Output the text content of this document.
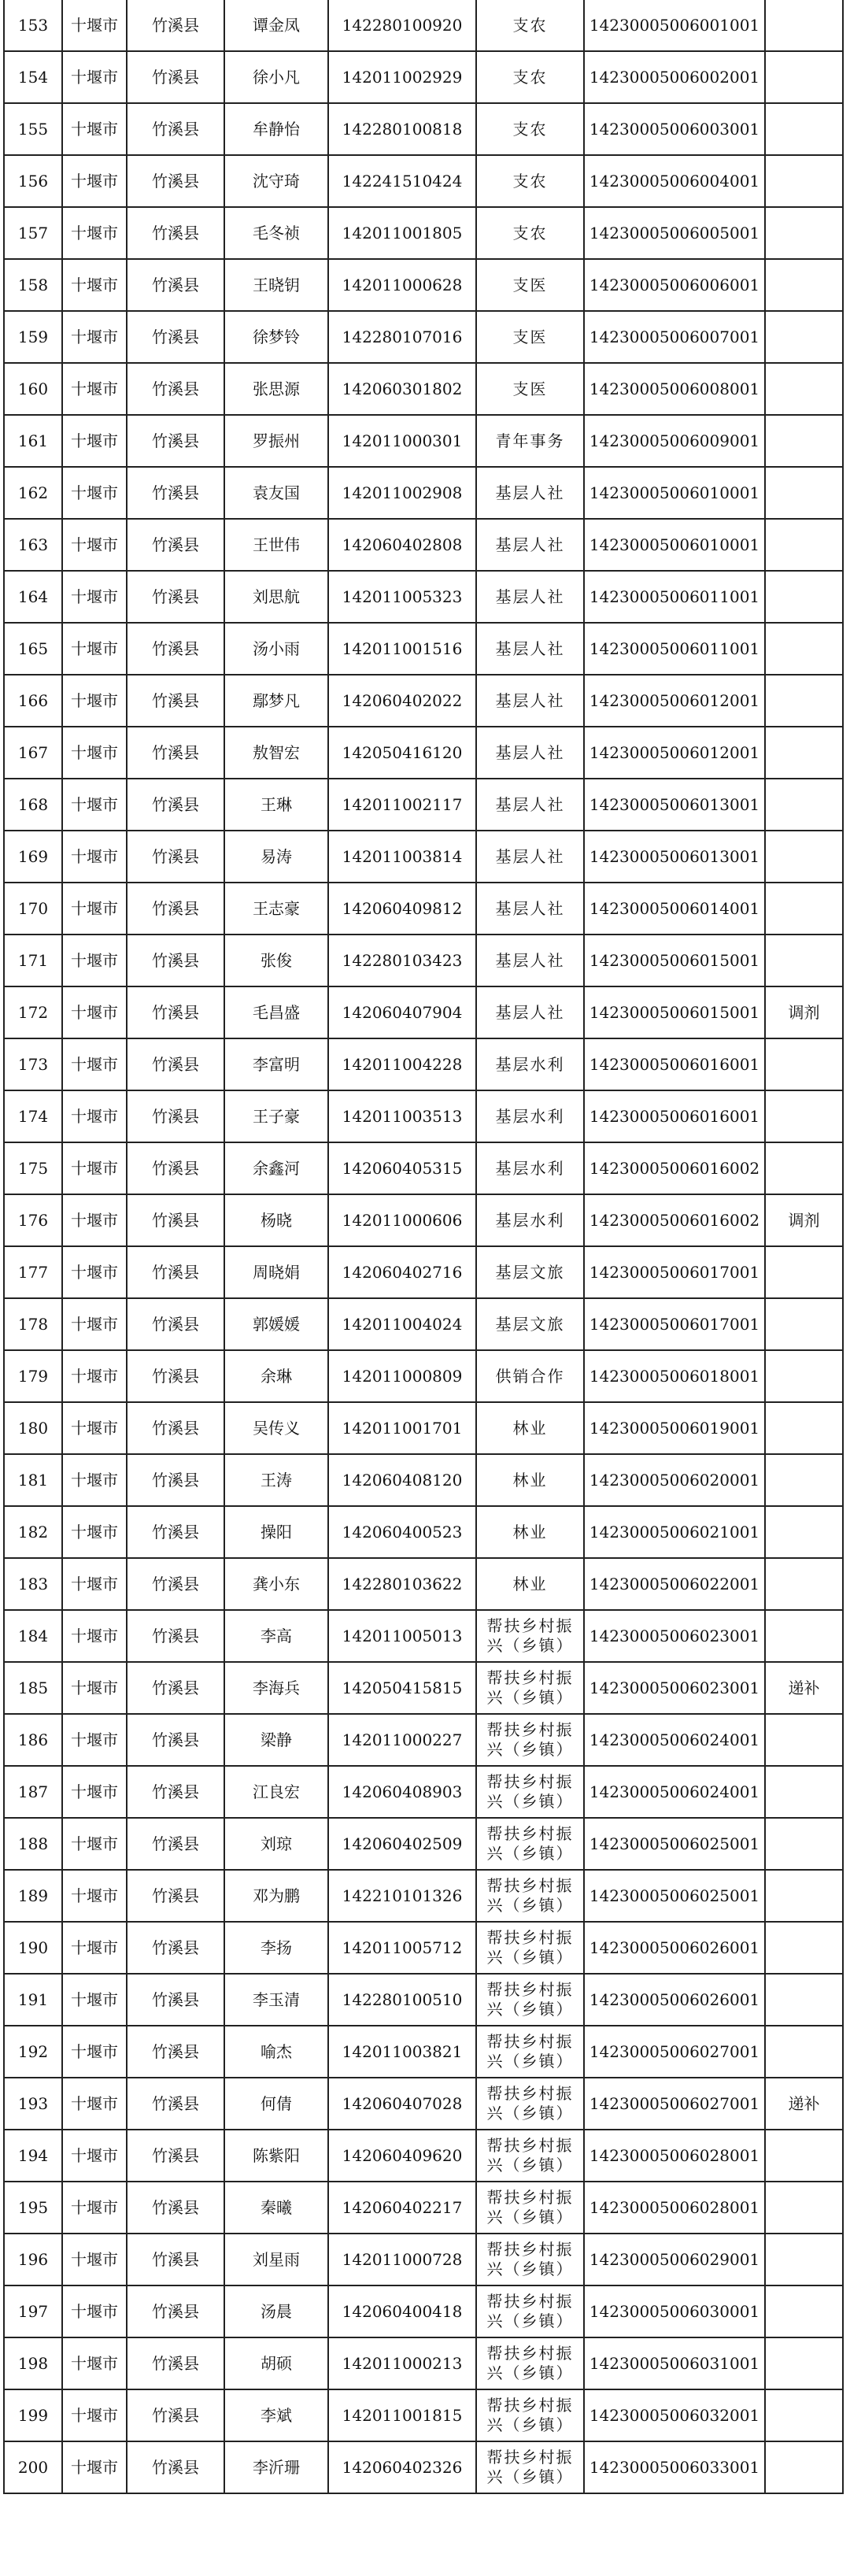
153	十堰市	竹溪县	谭金凤	142280100920	支农	14230005006001001	
154	十堰市	竹溪县	徐小凡	142011002929	支农	14230005006002001	
155	十堰市	竹溪县	牟静怡	142280100818	支农	14230005006003001	
156	十堰市	竹溪县	沈守琦	142241510424	支农	14230005006004001	
157	十堰市	竹溪县	毛冬祯	142011001805	支农	14230005006005001	
158	十堰市	竹溪县	王晓钥	142011000628	支医	14230005006006001	
159	十堰市	竹溪县	徐梦铃	142280107016	支医	14230005006007001	
160	十堰市	竹溪县	张思源	142060301802	支医	14230005006008001	
161	十堰市	竹溪县	罗振州	142011000301	青年事务	14230005006009001	
162	十堰市	竹溪县	袁友国	142011002908	基层人社	14230005006010001	
163	十堰市	竹溪县	王世伟	142060402808	基层人社	14230005006010001	
164	十堰市	竹溪县	刘思航	142011005323	基层人社	14230005006011001	
165	十堰市	竹溪县	汤小雨	142011001516	基层人社	14230005006011001	
166	十堰市	竹溪县	鄢梦凡	142060402022	基层人社	14230005006012001	
167	十堰市	竹溪县	敖智宏	142050416120	基层人社	14230005006012001	
168	十堰市	竹溪县	王琳	142011002117	基层人社	14230005006013001	
169	十堰市	竹溪县	易涛	142011003814	基层人社	14230005006013001	
170	十堰市	竹溪县	王志豪	142060409812	基层人社	14230005006014001	
171	十堰市	竹溪县	张俊	142280103423	基层人社	14230005006015001	
172	十堰市	竹溪县	毛昌盛	142060407904	基层人社	14230005006015001	调剂
173	十堰市	竹溪县	李富明	142011004228	基层水利	14230005006016001	
174	十堰市	竹溪县	王子豪	142011003513	基层水利	14230005006016001	
175	十堰市	竹溪县	余鑫河	142060405315	基层水利	14230005006016002	
176	十堰市	竹溪县	杨晓	142011000606	基层水利	14230005006016002	调剂
177	十堰市	竹溪县	周晓娟	142060402716	基层文旅	14230005006017001	
178	十堰市	竹溪县	郭媛媛	142011004024	基层文旅	14230005006017001	
179	十堰市	竹溪县	余琳	142011000809	供销合作	14230005006018001	
180	十堰市	竹溪县	吴传义	142011001701	林业	14230005006019001	
181	十堰市	竹溪县	王涛	142060408120	林业	14230005006020001	
182	十堰市	竹溪县	操阳	142060400523	林业	14230005006021001	
183	十堰市	竹溪县	龚小东	142280103622	林业	14230005006022001	
184	十堰市	竹溪县	李高	142011005013	帮扶乡村振兴（乡镇）	14230005006023001	
185	十堰市	竹溪县	李海兵	142050415815	帮扶乡村振兴（乡镇）	14230005006023001	递补
186	十堰市	竹溪县	梁静	142011000227	帮扶乡村振兴（乡镇）	14230005006024001	
187	十堰市	竹溪县	江良宏	142060408903	帮扶乡村振兴（乡镇）	14230005006024001	
188	十堰市	竹溪县	刘琼	142060402509	帮扶乡村振兴（乡镇）	14230005006025001	
189	十堰市	竹溪县	邓为鹏	142210101326	帮扶乡村振兴（乡镇）	14230005006025001	
190	十堰市	竹溪县	李扬	142011005712	帮扶乡村振兴（乡镇）	14230005006026001	
191	十堰市	竹溪县	李玉清	142280100510	帮扶乡村振兴（乡镇）	14230005006026001	
192	十堰市	竹溪县	喻杰	142011003821	帮扶乡村振兴（乡镇）	14230005006027001	
193	十堰市	竹溪县	何倩	142060407028	帮扶乡村振兴（乡镇）	14230005006027001	递补
194	十堰市	竹溪县	陈紫阳	142060409620	帮扶乡村振兴（乡镇）	14230005006028001	
195	十堰市	竹溪县	秦曦	142060402217	帮扶乡村振兴（乡镇）	14230005006028001	
196	十堰市	竹溪县	刘星雨	142011000728	帮扶乡村振兴（乡镇）	14230005006029001	
197	十堰市	竹溪县	汤晨	142060400418	帮扶乡村振兴（乡镇）	14230005006030001	
198	十堰市	竹溪县	胡硕	142011000213	帮扶乡村振兴（乡镇）	14230005006031001	
199	十堰市	竹溪县	李斌	142011001815	帮扶乡村振兴（乡镇）	14230005006032001	
200	十堰市	竹溪县	李沂珊	142060402326	帮扶乡村振兴（乡镇）	14230005006033001	
